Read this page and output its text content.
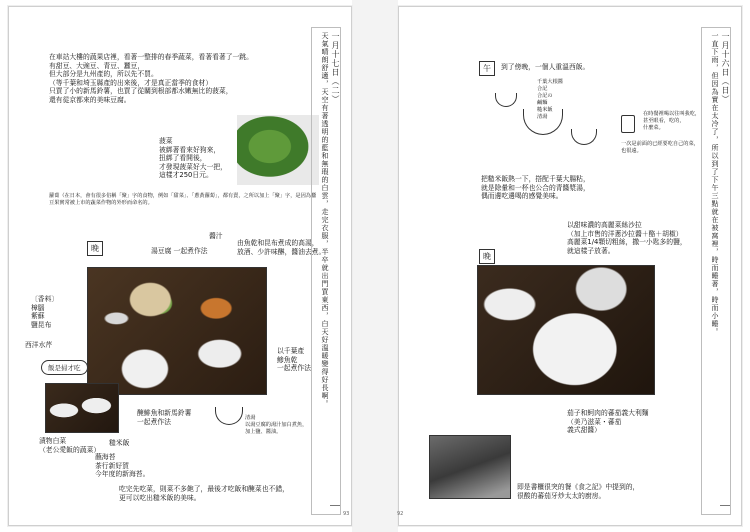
在車站大樓的蔬果店裡，看著一整排的春季蔬菜，看著看著了一跳。
有甜豆、大豌豆、青豆、蠶豆，
但大部分是九州產的，所以先不買。
（等千葉和埼玉縣產的出來後，才是真正當季的食材）
只買了小的新馬鈴薯，也買了從關到根部都水嫩無比的菠菜，
還有從京都來的美味豆腐。
菠菜
被綁著看來好狗來，
扭綁了看開後，
才發現菠菜好大一把，
這樣才250日元。
蘿蔔（在日本，會有很多俗稱「聚」字的食物，例如「甜菜」、「蔥黃蘿蔔」，都有賣，之所以加上「聚」字，是因為蠶豆果實常被上市的蔬菜作物的外形而命名的。
晚	湯豆腐 一起煮作法
醬汁
由魚乾和昆布煮成的高湯，
放酒、少許味醂，醬油去煮。
〔香料〕
樟腦
紫蘇
鹽昆布
西洋水芹
以千葉產
鯵魚乾
一起煮作法
醃鯡魚和新馬鈴薯
一起煮作法
飯是掃才吃
糙米飯
漬物白菜
（老公愛飯的蔬菜）
蘸海苔
茶行新好賀
今年度的新海苔。
清湯
以湯豆腐的湯汁加白煮魚，
加上鹽、醬油。
吃完先吃菜，則菜不多飽了，最後才吃飯和醃菜也不錯，
更可以吃出糙米飯的美味。
93
一月十七日（二）
天氣晴朗舒適，天空有著透明的藍和無瑕的白雲，走完衣服，半卒就出門買東西，白天好溫暖變得好長啊。	午	到了傍晚，一個人重溫西飯。
千葉大根醬
合記
合記の
鹹麵
糙米飯
清湯	在時餐裡喝以往叫我吃，
甚至眼看，吃的，
什麼菜。
一次是前面的已經要吃自己的菜，
也很遠。
把糙米飯熱一下，搭配千葉大腸粘，
就是除暈和一杯也公合的青醬漿湯，
偶而邊吃邊喝的感覺美味。
以甜味濃的高麗菜絲沙拉
（加上市售的洋蔥沙拉醬＋酪＋胡椒）
高麗菜1/4顆切粗絲，撒一小匙多的鹽，
就這樣子放著。
晚
茄子和蚵肉的蕃茄義大利麵
（美乃滋菜・蕃茄
義式甜醬）
即是書櫃很突的餐《食之記》中提到的，
很酸的蕃茄牙炒太太的廚房。
92
一月十六日（日）
一直下雨，但因為實在太冷了，所以到了下午三點就在被窩裡，時而睡著，時而小睡。
